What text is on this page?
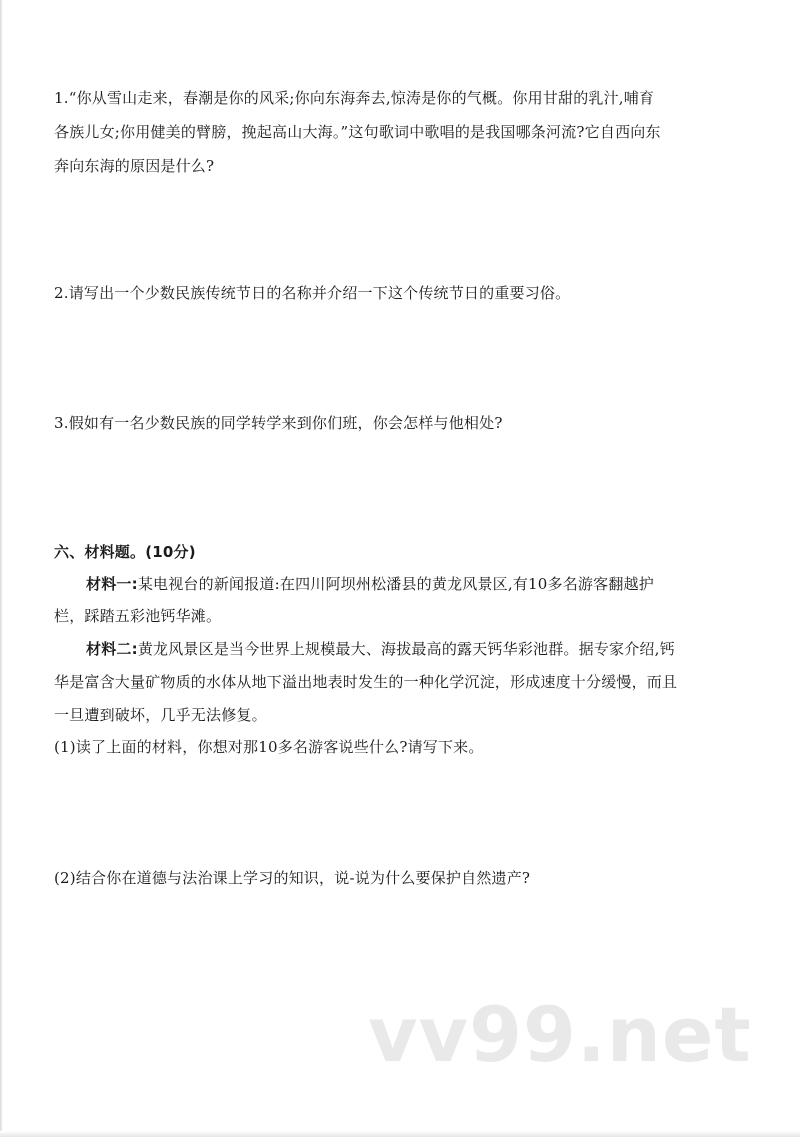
1.“你从雪山走来，春潮是你的风采;你向东海奔去,惊涛是你的气概。你用甘甜的乳汁,哺育
各族儿女;你用健美的臂膀，挽起高山大海。”这句歌词中歌唱的是我国哪条河流?它自西向东
奔向东海的原因是什么?
2.请写出一个少数民族传统节日的名称并介绍一下这个传统节日的重要习俗。
3.假如有一名少数民族的同学转学来到你们班，你会怎样与他相处?
六、材料题。(10分)
材料一:某电视台的新闻报道:在四川阿坝州松潘县的黄龙风景区,有10多名游客翻越护
栏，踩踏五彩池钙华滩。
材料二:黄龙风景区是当今世界上规模最大、海拔最高的露天钙华彩池群。据专家介绍,钙
华是富含大量矿物质的水体从地下溢出地表时发生的一种化学沉淀，形成速度十分缓慢，而且
一旦遭到破坏，几乎无法修复。
(1)读了上面的材料，你想对那10多名游客说些什么?请写下来。
(2)结合你在道德与法治课上学习的知识，说-说为什么要保护自然遗产?
vv99.net
